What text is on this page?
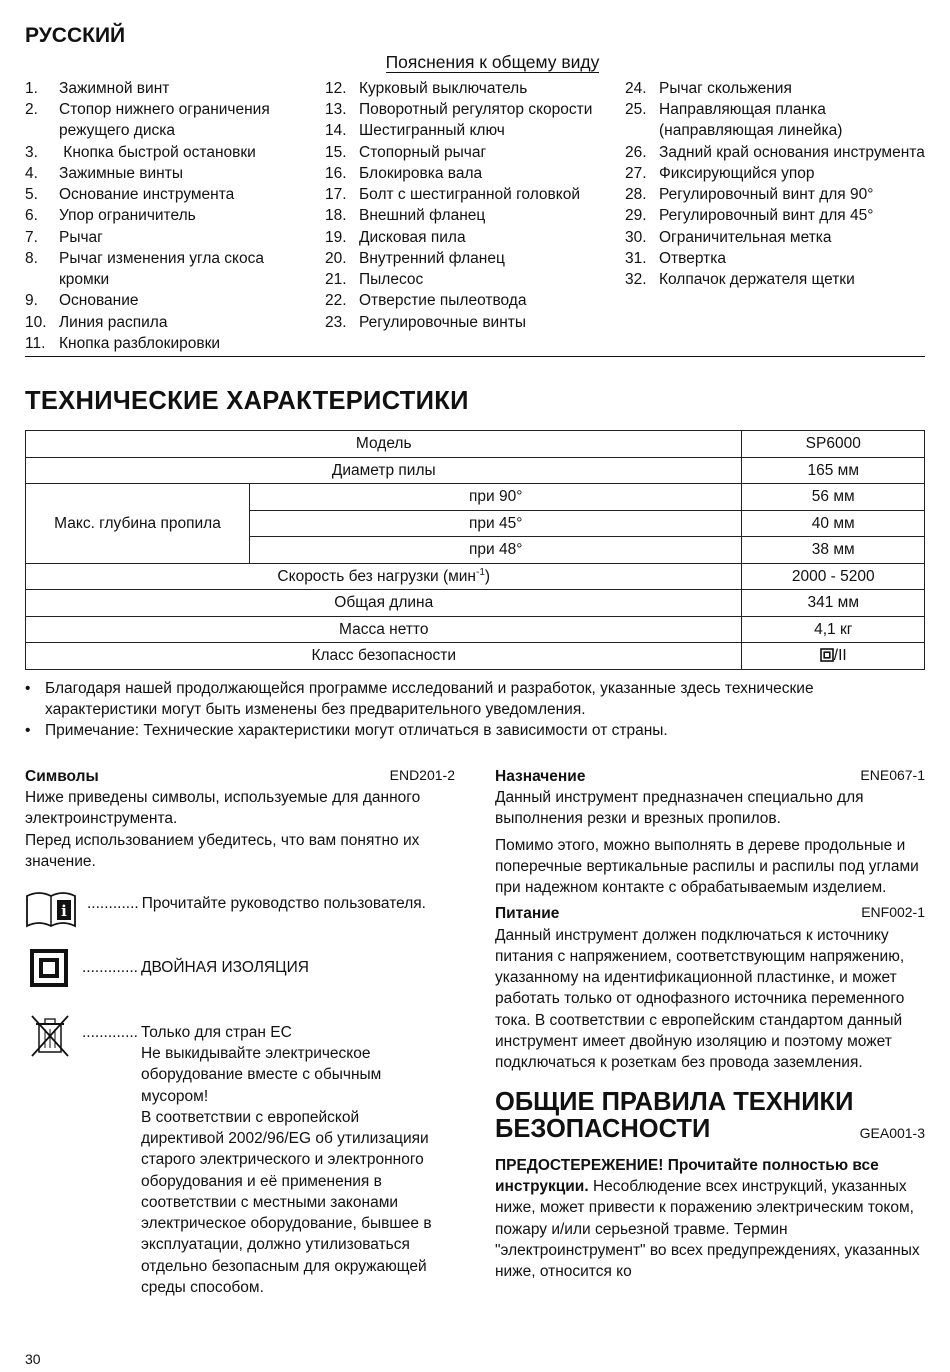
РУССКИЙ
Пояснения к общему виду
1.	Зажимной винт
2.	Стопор нижнего ограничения режущего диска
3.	Кнопка быстрой остановки
4.	Зажимные винты
5.	Основание инструмента
6.	Упор ограничитель
7.	Рычаг
8.	Рычаг изменения угла скоса кромки
9.	Основание
10. Линия распила
11. Кнопка разблокировки
12. Курковый выключатель
13. Поворотный регулятор скорости
14. Шестигранный ключ
15. Стопорный рычаг
16. Блокировка вала
17. Болт с шестигранной головкой
18. Внешний фланец
19. Дисковая пила
20. Внутренний фланец
21. Пылесос
22. Отверстие пылеотвода
23. Регулировочные винты
24. Рычаг скольжения
25. Направляющая планка (направляющая линейка)
26. Задний край основания инструмента
27. Фиксирующийся упор
28. Регулировочный винт для 90°
29. Регулировочный винт для 45°
30. Ограничительная метка
31. Отвертка
32. Колпачок держателя щетки
ТЕХНИЧЕСКИЕ ХАРАКТЕРИСТИКИ
Модель		SP6000
Диаметр пилы		165 мм
Макс. глубина пропила	при 90°	56 мм
	при 45°	40 мм
	при 48°	38 мм
Скорость без нагрузки (мин$^{-1}$)		2000 - 5200
Общая длина		341 мм
Масса нетто		4,1 кг
Класс безопасности		/II
• Благодаря нашей продолжающейся программе исследований и разработок, указанные здесь технические характеристики могут быть изменены без предварительного уведомления.
• Примечание: Технические характеристики могут отличаться в зависимости от страны.
Символы	END201-2
Ниже приведены символы, используемые для данного электроинструмента.
Перед использованием убедитесь, что вам понятно их значение.
i ............ Прочитайте руководство пользователя.
............. ДВОЙНАЯ ИЗОЛЯЦИЯ
............. Только для стран ЕС
Не выкидывайте электрическое оборудование вместе с обычным мусором!
В соответствии с европейской директивой 2002/96/EG об утилизацияи старого электрического и электронного оборудования и её применения в соответствии с местными законами электрическое оборудование, бывшее в эксплуатации, должно утилизоваться отдельно безопасным для окружающей среды способом.
Назначение	ENE067-1
Данный инструмент предназначен специально для выполнения резки и врезных пропилов.
Помимо этого, можно выполнять в дереве продольные и поперечные вертикальные распилы и распилы под углами при надежном контакте с обрабатываемым изделием.
Питание	ENF002-1
Данный инструмент должен подключаться к источнику питания с напряжением, соответствующим напряжению, указанному на идентификационной пластинке, и может работать только от однофазного источника переменного тока. В соответствии с европейским стандартом данный инструмент имеет двойную изоляцию и поэтому может подключаться к розеткам без провода заземления.
ОБЩИЕ ПРАВИЛА ТЕХНИКИ
БЕЗОПАСНОСТИ	GEA001-3
ПРЕДОСТЕРЕЖЕНИЕ! Прочитайте полностью все инструкции. Несоблюдение всех инструкций, указанных ниже, может привести к поражению электрическим током, пожару и/или серьезной травме. Термин "электроинструмент" во всех предупреждениях, указанных ниже, относится ко
30
